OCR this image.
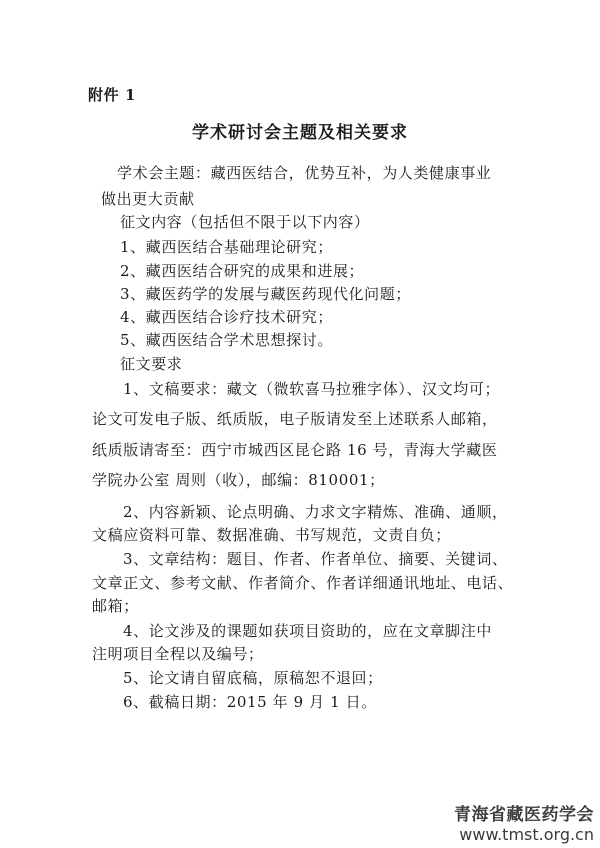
附件 1
学术研讨会主题及相关要求
学术会主题：藏西医结合，优势互补，为人类健康事业
做出更大贡献
征文内容（包括但不限于以下内容）
1、藏西医结合基础理论研究；
2、藏西医结合研究的成果和进展；
3、藏医药学的发展与藏医药现代化问题；
4、藏西医结合诊疗技术研究；
5、藏西医结合学术思想探讨。
征文要求
1、文稿要求：藏文（微软喜马拉雅字体）、汉文均可；
论文可发电子版、纸质版，电子版请发至上述联系人邮箱，
纸质版请寄至：西宁市城西区昆仑路 16 号，青海大学藏医
学院办公室 周则（收），邮编：810001；
2、内容新颖、论点明确、力求文字精炼、准确、通顺，
文稿应资料可靠、数据准确、书写规范，文责自负；
3、文章结构：题目、作者、作者单位、摘要、关键词、
文章正文、参考文献、作者简介、作者详细通讯地址、电话、
邮箱；
4、论文涉及的课题如获项目资助的，应在文章脚注中
注明项目全程以及编号；
5、论文请自留底稿，原稿恕不退回；
6、截稿日期：2015 年 9 月 1 日。
青海省藏医药学会
www.tmst.org.cn
